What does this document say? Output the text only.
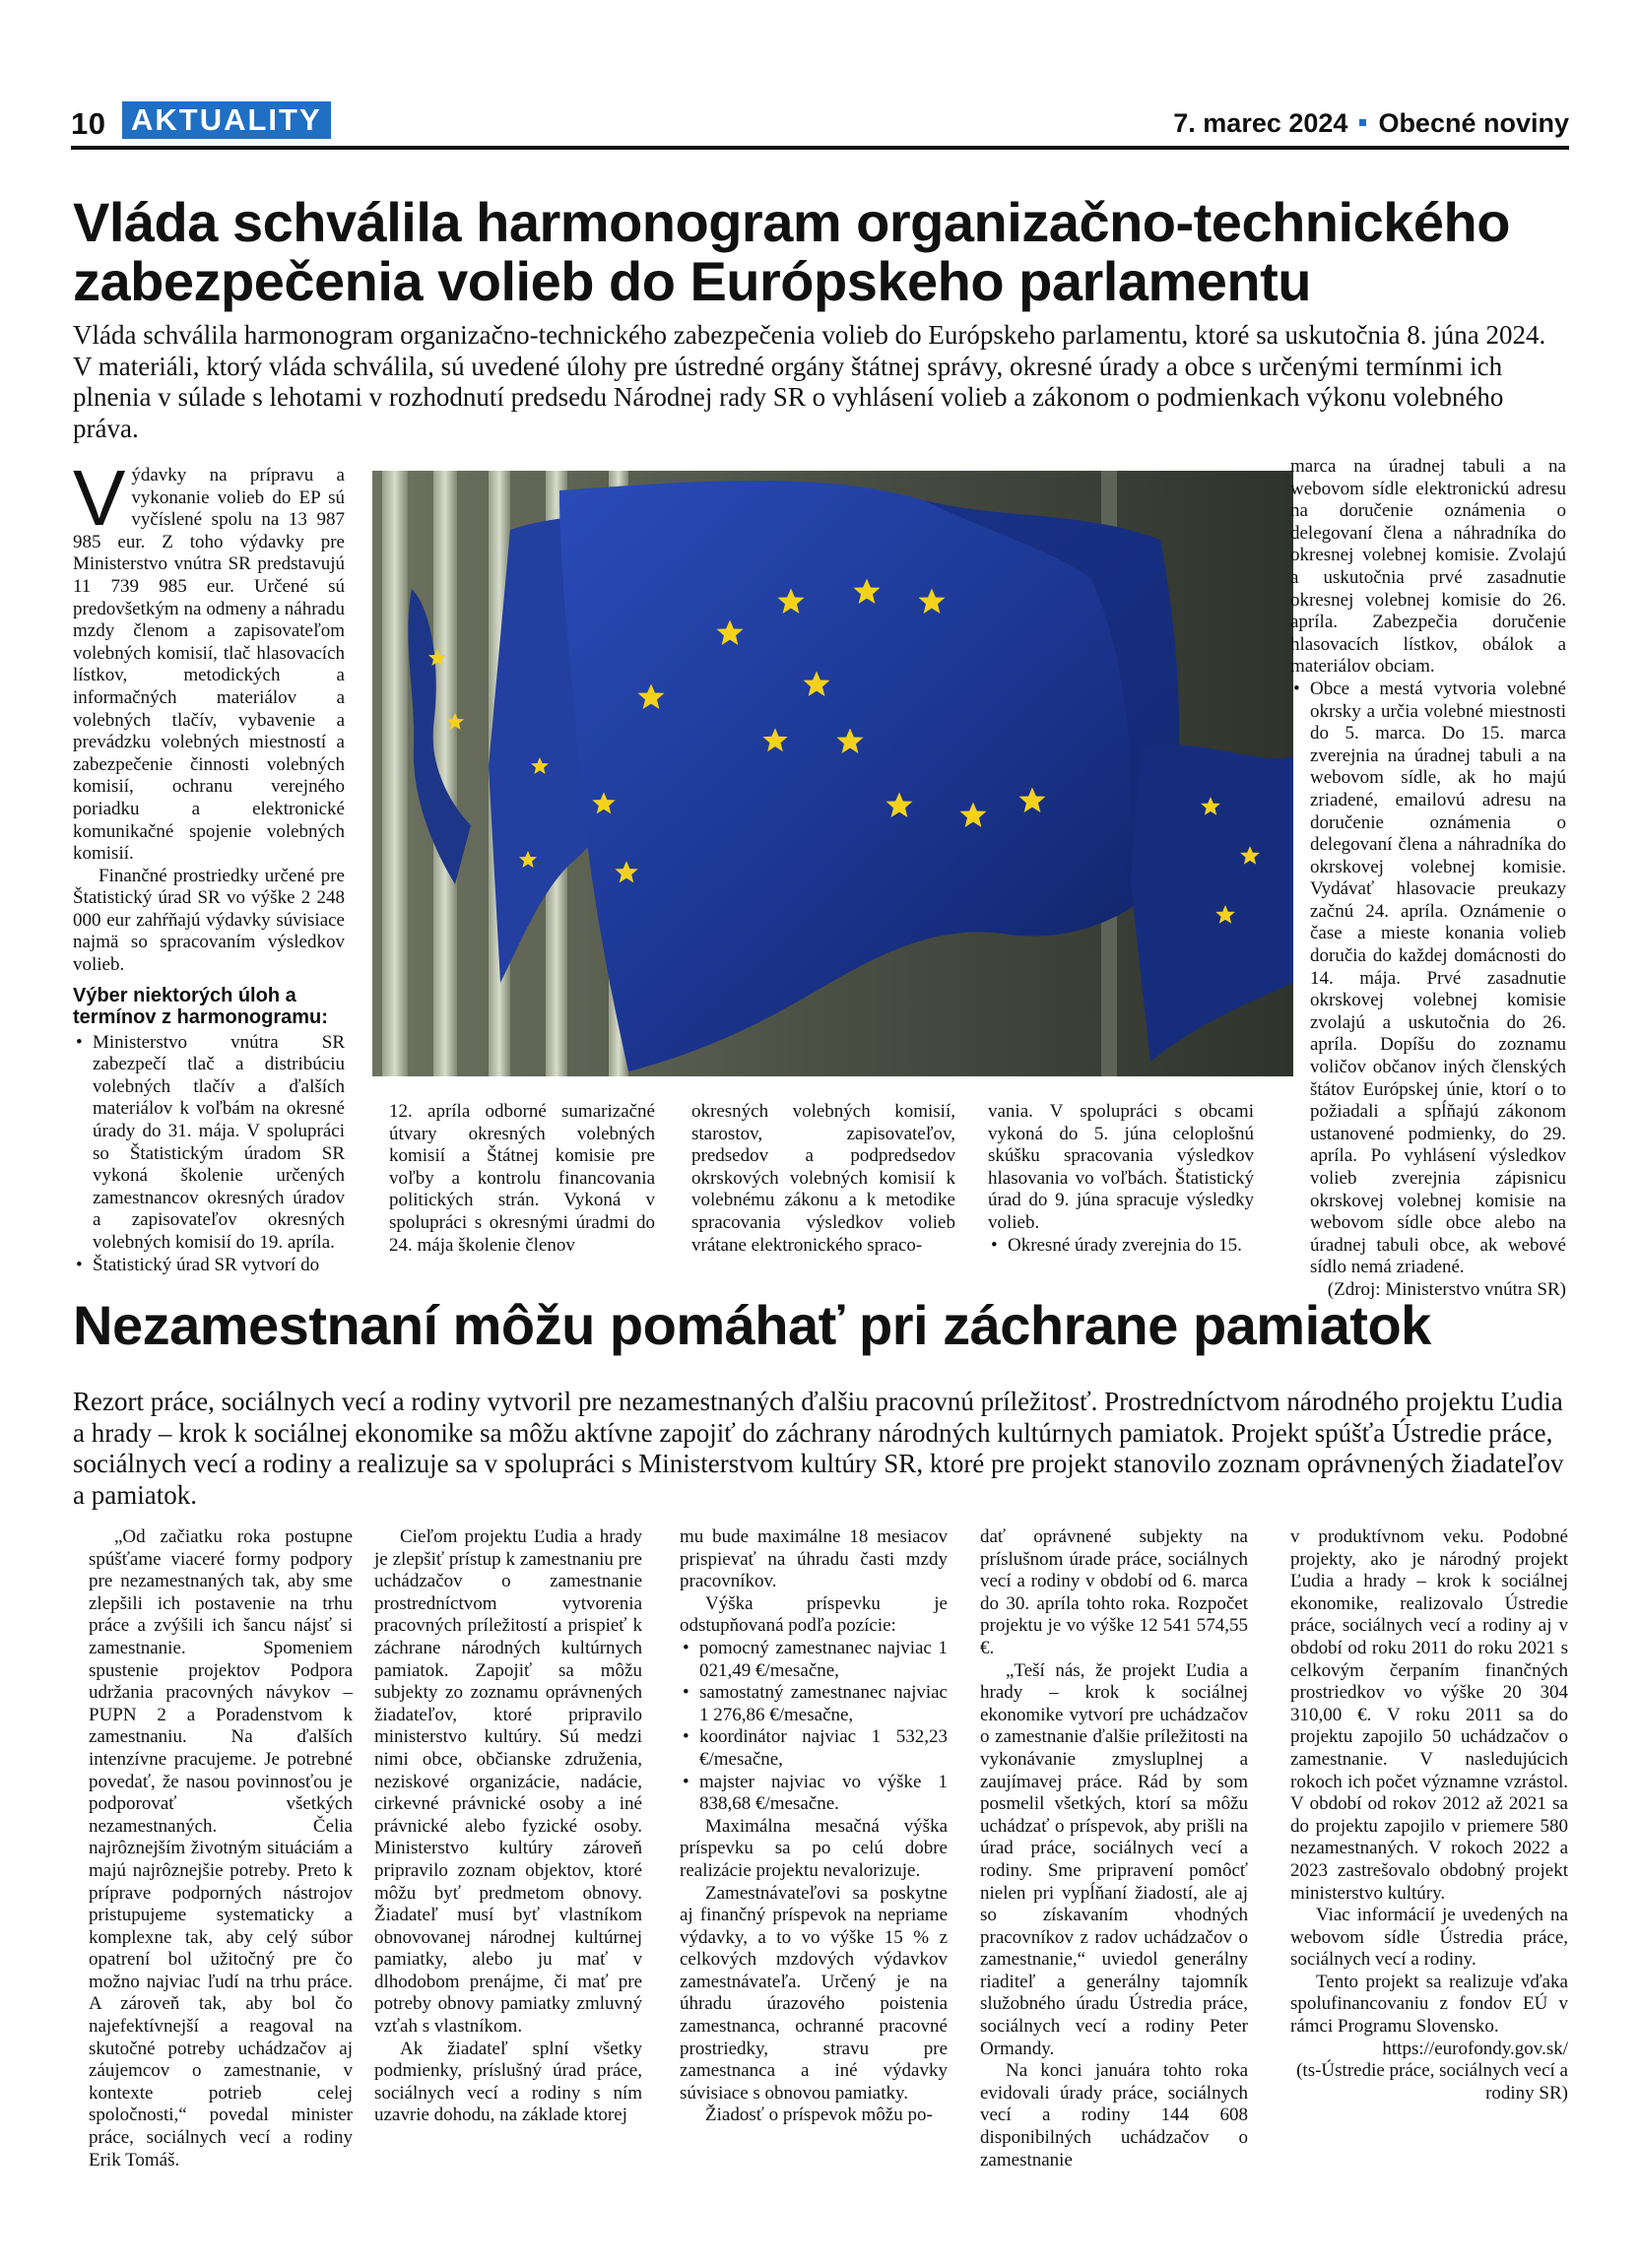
10 AKTUALITY	7. marec 2024 Obecné noviny
Vláda schválila harmonogram organizačno-technického zabezpečenia volieb do Európskeho parlamentu
Vláda schválila harmonogram organizačno-technického zabezpečenia volieb do Európskeho parlamentu, ktoré sa uskutočnia 8. júna 2024. V materiáli, ktorý vláda schválila, sú uvedené úlohy pre ústredné orgány štátnej správy, okresné úrady a obce s určenými termínmi ich plnenia v súlade s lehotami v rozhodnutí predsedu Národnej rady SR o vyhlásení volieb a zákonom o podmienkach výkonu volebného práva.

Výdavky na prípravu a vykonanie volieb do EP sú vyčíslené spolu na 13 987 985 eur. Z toho výdavky pre Ministerstvo vnútra SR predstavujú 11 739 985 eur. Určené sú predovšetkým na odmeny a náhradu mzdy členom a zapisovateľom volebných komisií, tlač hlasovacích lístkov, metodických a informačných materiálov a volebných tlačív, vybavenie a prevádzku volebných miestností a zabezpečenie činnosti volebných komisií, ochranu verejného poriadku a elektronické komunikačné spojenie volebných komisií.

Finančné prostriedky určené pre Štatistický úrad SR vo výške 2 248 000 eur zahŕňajú výdavky súvisiace najmä so spracovaním výsledkov volieb.

Výber niektorých úloh a termínov z harmonogramu:

• Ministerstvo vnútra SR zabezpečí tlač a distribúciu volebných tlačív a ďalších materiálov k voľbám na okresné úrady do 31. mája. V spolupráci so Štatistickým úradom SR vykoná školenie určených zamestnancov okresných úradov a zapisovateľov okresných volebných komisií do 19. apríla.

• Štatistický úrad SR vytvorí do

12. apríla odborné sumarizačné útvary okresných volebných komisií a Štátnej komisie pre voľby a kontrolu financovania politických strán. Vykoná v spolupráci s okresnými úradmi do 24. mája školenie členov

okresných volebných komisií, starostov, zapisovateľov, predsedov a podpredsedov okrskových volebných komisií k volebnému zákonu a k metodike spracovania výsledkov volieb vrátane elektronického spraco-

vania. V spolupráci s obcami vykoná do 5. júna celoplošnú skúšku spracovania výsledkov hlasovania vo voľbách. Štatistický úrad do 9. júna spracuje výsledky volieb.

• Okresné úrady zverejnia do 15.

marca na úradnej tabuli a na webovom sídle elektronickú adresu na doručenie oznámenia o delegovaní člena a náhradníka do okresnej volebnej komisie. Zvolajú a uskutočnia prvé zasadnutie okresnej volebnej komisie do 26. apríla. Zabezpečia doručenie hlasovacích lístkov, obálok a materiálov obciam.

• Obce a mestá vytvoria volebné okrsky a určia volebné miestnosti do 5. marca. Do 15. marca zverejnia na úradnej tabuli a na webovom sídle, ak ho majú zriadené, emailovú adresu na doručenie oznámenia o delegovaní člena a náhradníka do okrskovej volebnej komisie. Vydávať hlasovacie preukazy začnú 24. apríla. Oznámenie o čase a mieste konania volieb doručia do každej domácnosti do 14. mája. Prvé zasadnutie okrskovej volebnej komisie zvolajú a uskutočnia do 26. apríla. Dopíšu do zoznamu voličov občanov iných členských štátov Európskej únie, ktorí o to požiadali a spĺňajú zákonom ustanovené podmienky, do 29. apríla. Po vyhlásení výsledkov volieb zverejnia zápisnicu okrskovej volebnej komisie na webovom sídle obce alebo na úradnej tabuli obce, ak webové sídlo nemá zriadené.

(Zdroj: Ministerstvo vnútra SR)

Nezamestnaní môžu pomáhať pri záchrane pamiatok
Rezort práce, sociálnych vecí a rodiny vytvoril pre nezamestnaných ďalšiu pracovnú príležitosť. Prostredníctvom národného projektu Ľudia a hrady – krok k sociálnej ekonomike sa môžu aktívne zapojiť do záchrany národných kultúrnych pamiatok. Projekt spúšťa Ústredie práce, sociálnych vecí a rodiny a realizuje sa v spolupráci s Ministerstvom kultúry SR, ktoré pre projekt stanovilo zoznam oprávnených žiadateľov a pamiatok.

„Od začiatku roka postupne spúšťame viaceré formy podpory pre nezamestnaných tak, aby sme zlepšili ich postavenie na trhu práce a zvýšili ich šancu nájsť si zamestnanie. Spomeniem spustenie projektov Podpora udržania pracovných návykov – PUPN 2 a Poradenstvom k zamestnaniu. Na ďalších intenzívne pracujeme. Je potrebné povedať, že nasou povinnosťou je podporovať všetkých nezamestnaných. Čelia najrôznejším životným situáciám a majú najrôznejšie potreby. Preto k príprave podporných nástrojov pristupujeme systematicky a komplexne tak, aby celý súbor opatrení bol užitočný pre čo možno najviac ľudí na trhu práce. A zároveň tak, aby bol čo najefektívnejší a reagoval na skutočné potreby uchádzačov aj záujemcov o zamestnanie, v kontexte potrieb celej spoločnosti,“ povedal minister práce, sociálnych vecí a rodiny Erik Tomáš.

Cieľom projektu Ľudia a hrady je zlepšiť prístup k zamestnaniu pre uchádzačov o zamestnanie prostredníctvom vytvorenia pracovných príležitostí a prispieť k záchrane národných kultúrnych pamiatok. Zapojiť sa môžu subjekty zo zoznamu oprávnených žiadateľov, ktoré pripravilo ministerstvo kultúry. Sú medzi nimi obce, občianske združenia, neziskové organizácie, nadácie, cirkevné právnické osoby a iné právnické alebo fyzické osoby. Ministerstvo kultúry zároveň pripravilo zoznam objektov, ktoré môžu byť predmetom obnovy. Žiadateľ musí byť vlastníkom obnovovanej národnej kultúrnej pamiatky, alebo ju mať v dlhodobom prenájme, či mať pre potreby obnovy pamiatky zmluvný vzťah s vlastníkom.

Ak žiadateľ splní všetky podmienky, príslušný úrad práce, sociálnych vecí a rodiny s ním uzavrie dohodu, na základe ktorej

mu bude maximálne 18 mesiacov prispievať na úhradu časti mzdy pracovníkov.

Výška príspevku je odstupňovaná podľa pozície:

• pomocný zamestnanec najviac 1 021,49 €/mesačne,

• samostatný zamestnanec najviac 1 276,86 €/mesačne,

• koordinátor najviac 1 532,23 €/mesačne,

• majster najviac vo výške 1 838,68 €/mesačne.

Maximálna mesačná výška príspevku sa po celú dobre realizácie projektu nevalorizuje.

Zamestnávateľovi sa poskytne aj finančný príspevok na nepriame výdavky, a to vo výške 15 % z celkových mzdových výdavkov zamestnávateľa. Určený je na úhradu úrazového poistenia zamestnanca, ochranné pracovné prostriedky, stravu pre zamestnanca a iné výdavky súvisiace s obnovou pamiatky.

Žiadosť o príspevok môžu po-

dať oprávnené subjekty na príslušnom úrade práce, sociálnych vecí a rodiny v období od 6. marca do 30. apríla tohto roka. Rozpočet projektu je vo výške 12 541 574,55 €.

„Teší nás, že projekt Ľudia a hrady – krok k sociálnej ekonomike vytvorí pre uchádzačov o zamestnanie ďalšie príležitosti na vykonávanie zmysluplnej a zaujímavej práce. Rád by som posmelil všetkých, ktorí sa môžu uchádzať o príspevok, aby prišli na úrad práce, sociálnych vecí a rodiny. Sme pripravení pomôcť nielen pri vypĺňaní žiadostí, ale aj so získavaním vhodných pracovníkov z radov uchádzačov o zamestnanie,“ uviedol generálny riaditeľ a generálny tajomník služobného úradu Ústredia práce, sociálnych vecí a rodiny Peter Ormandy.

Na konci januára tohto roka evidovali úrady práce, sociálnych vecí a rodiny 144 608 disponibilných uchádzačov o zamestnanie

v produktívnom veku. Podobné projekty, ako je národný projekt Ľudia a hrady – krok k sociálnej ekonomike, realizovalo Ústredie práce, sociálnych vecí a rodiny aj v období od roku 2011 do roku 2021 s celkovým čerpaním finančných prostriedkov vo výške 20 304 310,00 €. V roku 2011 sa do projektu zapojilo 50 uchádzačov o zamestnanie. V nasledujúcich rokoch ich počet významne vzrástol. V období od rokov 2012 až 2021 sa do projektu zapojilo v priemere 580 nezamestnaných. V rokoch 2022 a 2023 zastrešovalo obdobný projekt ministerstvo kultúry.

Viac informácií je uvedených na webovom sídle Ústredia práce, sociálnych vecí a rodiny.

Tento projekt sa realizuje vďaka spolufinancovaniu z fondov EÚ v rámci Programu Slovensko.

https://eurofondy.gov.sk/

(ts-Ústredie práce, sociálnych vecí a rodiny SR)
